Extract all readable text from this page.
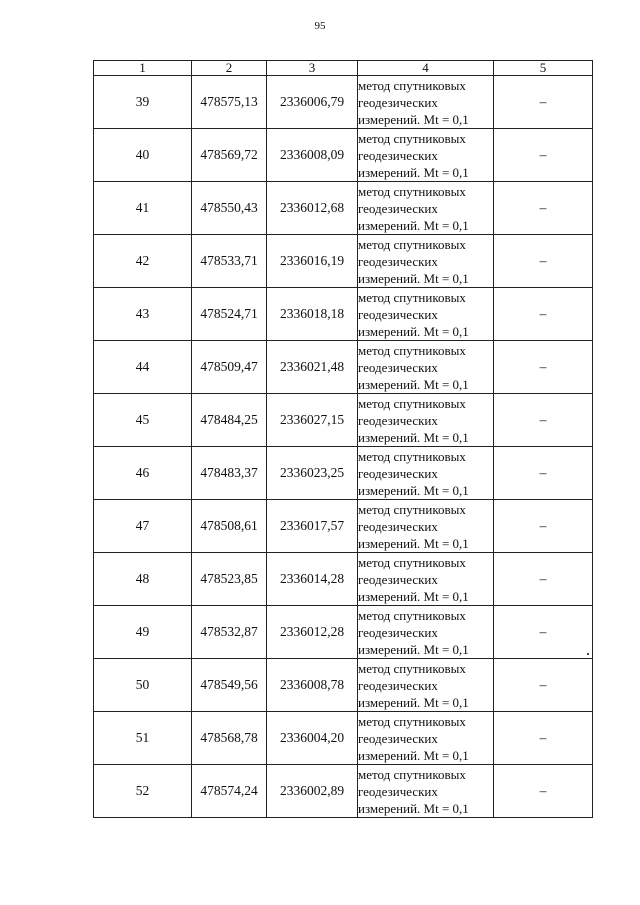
95
1	2	3	4	5
39	478575,13	2336006,79	метод спутниковых
геодезических
измерений. Mt = 0,1	–
40	478569,72	2336008,09	метод спутниковых
геодезических
измерений. Mt = 0,1	–
41	478550,43	2336012,68	метод спутниковых
геодезических
измерений. Mt = 0,1	–
42	478533,71	2336016,19	метод спутниковых
геодезических
измерений. Mt = 0,1	–
43	478524,71	2336018,18	метод спутниковых
геодезических
измерений. Mt = 0,1	–
44	478509,47	2336021,48	метод спутниковых
геодезических
измерений. Mt = 0,1	–
45	478484,25	2336027,15	метод спутниковых
геодезических
измерений. Mt = 0,1	–
46	478483,37	2336023,25	метод спутниковых
геодезических
измерений. Mt = 0,1	–
47	478508,61	2336017,57	метод спутниковых
геодезических
измерений. Mt = 0,1	–
48	478523,85	2336014,28	метод спутниковых
геодезических
измерений. Mt = 0,1	–
49	478532,87	2336012,28	метод спутниковых
геодезических
измерений. Mt = 0,1	–
50	478549,56	2336008,78	метод спутниковых
геодезических
измерений. Mt = 0,1	–
51	478568,78	2336004,20	метод спутниковых
геодезических
измерений. Mt = 0,1	–
52	478574,24	2336002,89	метод спутниковых
геодезических
измерений. Mt = 0,1	–
